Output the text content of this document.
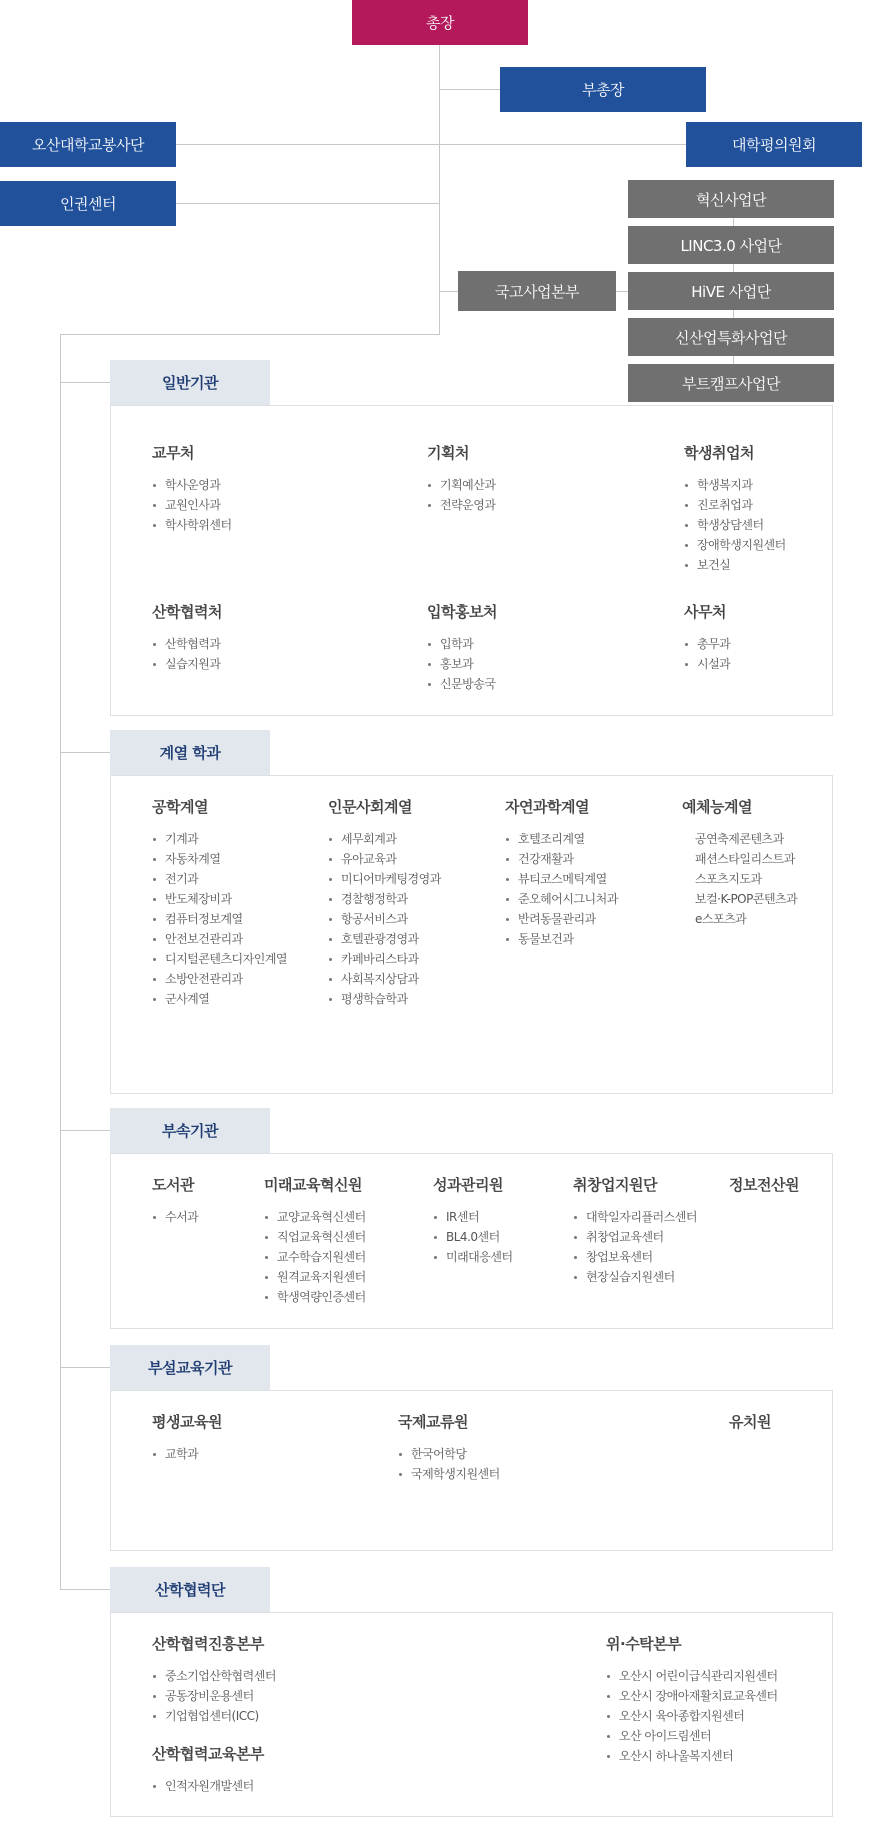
총장
부총장
오산대학교봉사단	대학평의원회
인권센터
국고사업본부
혁신사업단
LINC3.0 사업단
HiVE 사업단
신산업특화사업단
부트캠프사업단
일반기관
교무처
학사운영과
교원인사과
학사학위센터
기획처
기획예산과
전략운영과
학생취업처
학생복지과
진로취업과
학생상담센터
장애학생지원센터
보건실
산학협력처
산학협력과
실습지원과
입학홍보처
입학과
홍보과
신문방송국
사무처
총무과
시설과
계열 학과
공학계열
기계과
자동차계열
전기과
반도체장비과
컴퓨터정보계열
안전보건관리과
디지털콘텐츠디자인계열
소방안전관리과
군사계열
인문사회계열
세무회계과
유아교육과
미디어마케팅경영과
경찰행정학과
항공서비스과
호텔관광경영과
카페바리스타과
사회복지상담과
평생학습학과
자연과학계열
호텔조리계열
건강재활과
뷰티코스메틱계열
준오헤어시그니처과
반려동물관리과
동물보건과
예체능계열
공연축제콘텐츠과
패션스타일리스트과
스포츠지도과
보컬·K-POP콘텐츠과
e스포츠과
부속기관
도서관
수서과
미래교육혁신원
교양교육혁신센터
직업교육혁신센터
교수학습지원센터
원격교육지원센터
학생역량인증센터
성과관리원
IR센터
BL4.0센터
미래대응센터
취창업지원단
대학일자리플러스센터
취창업교육센터
창업보육센터
현장실습지원센터
정보전산원
부설교육기관
평생교육원
교학과
국제교류원
한국어학당
국제학생지원센터
유치원
산학협력단
산학협력진흥본부
중소기업산학협력센터
공동장비운용센터
기업협업센터(ICC)
산학협력교육본부
인적자원개발센터
위·수탁본부
오산시 어린이급식관리지원센터
오산시 장애아재활치료교육센터
오산시 육아종합지원센터
오산 아이드림센터
오산시 하나울복지센터
